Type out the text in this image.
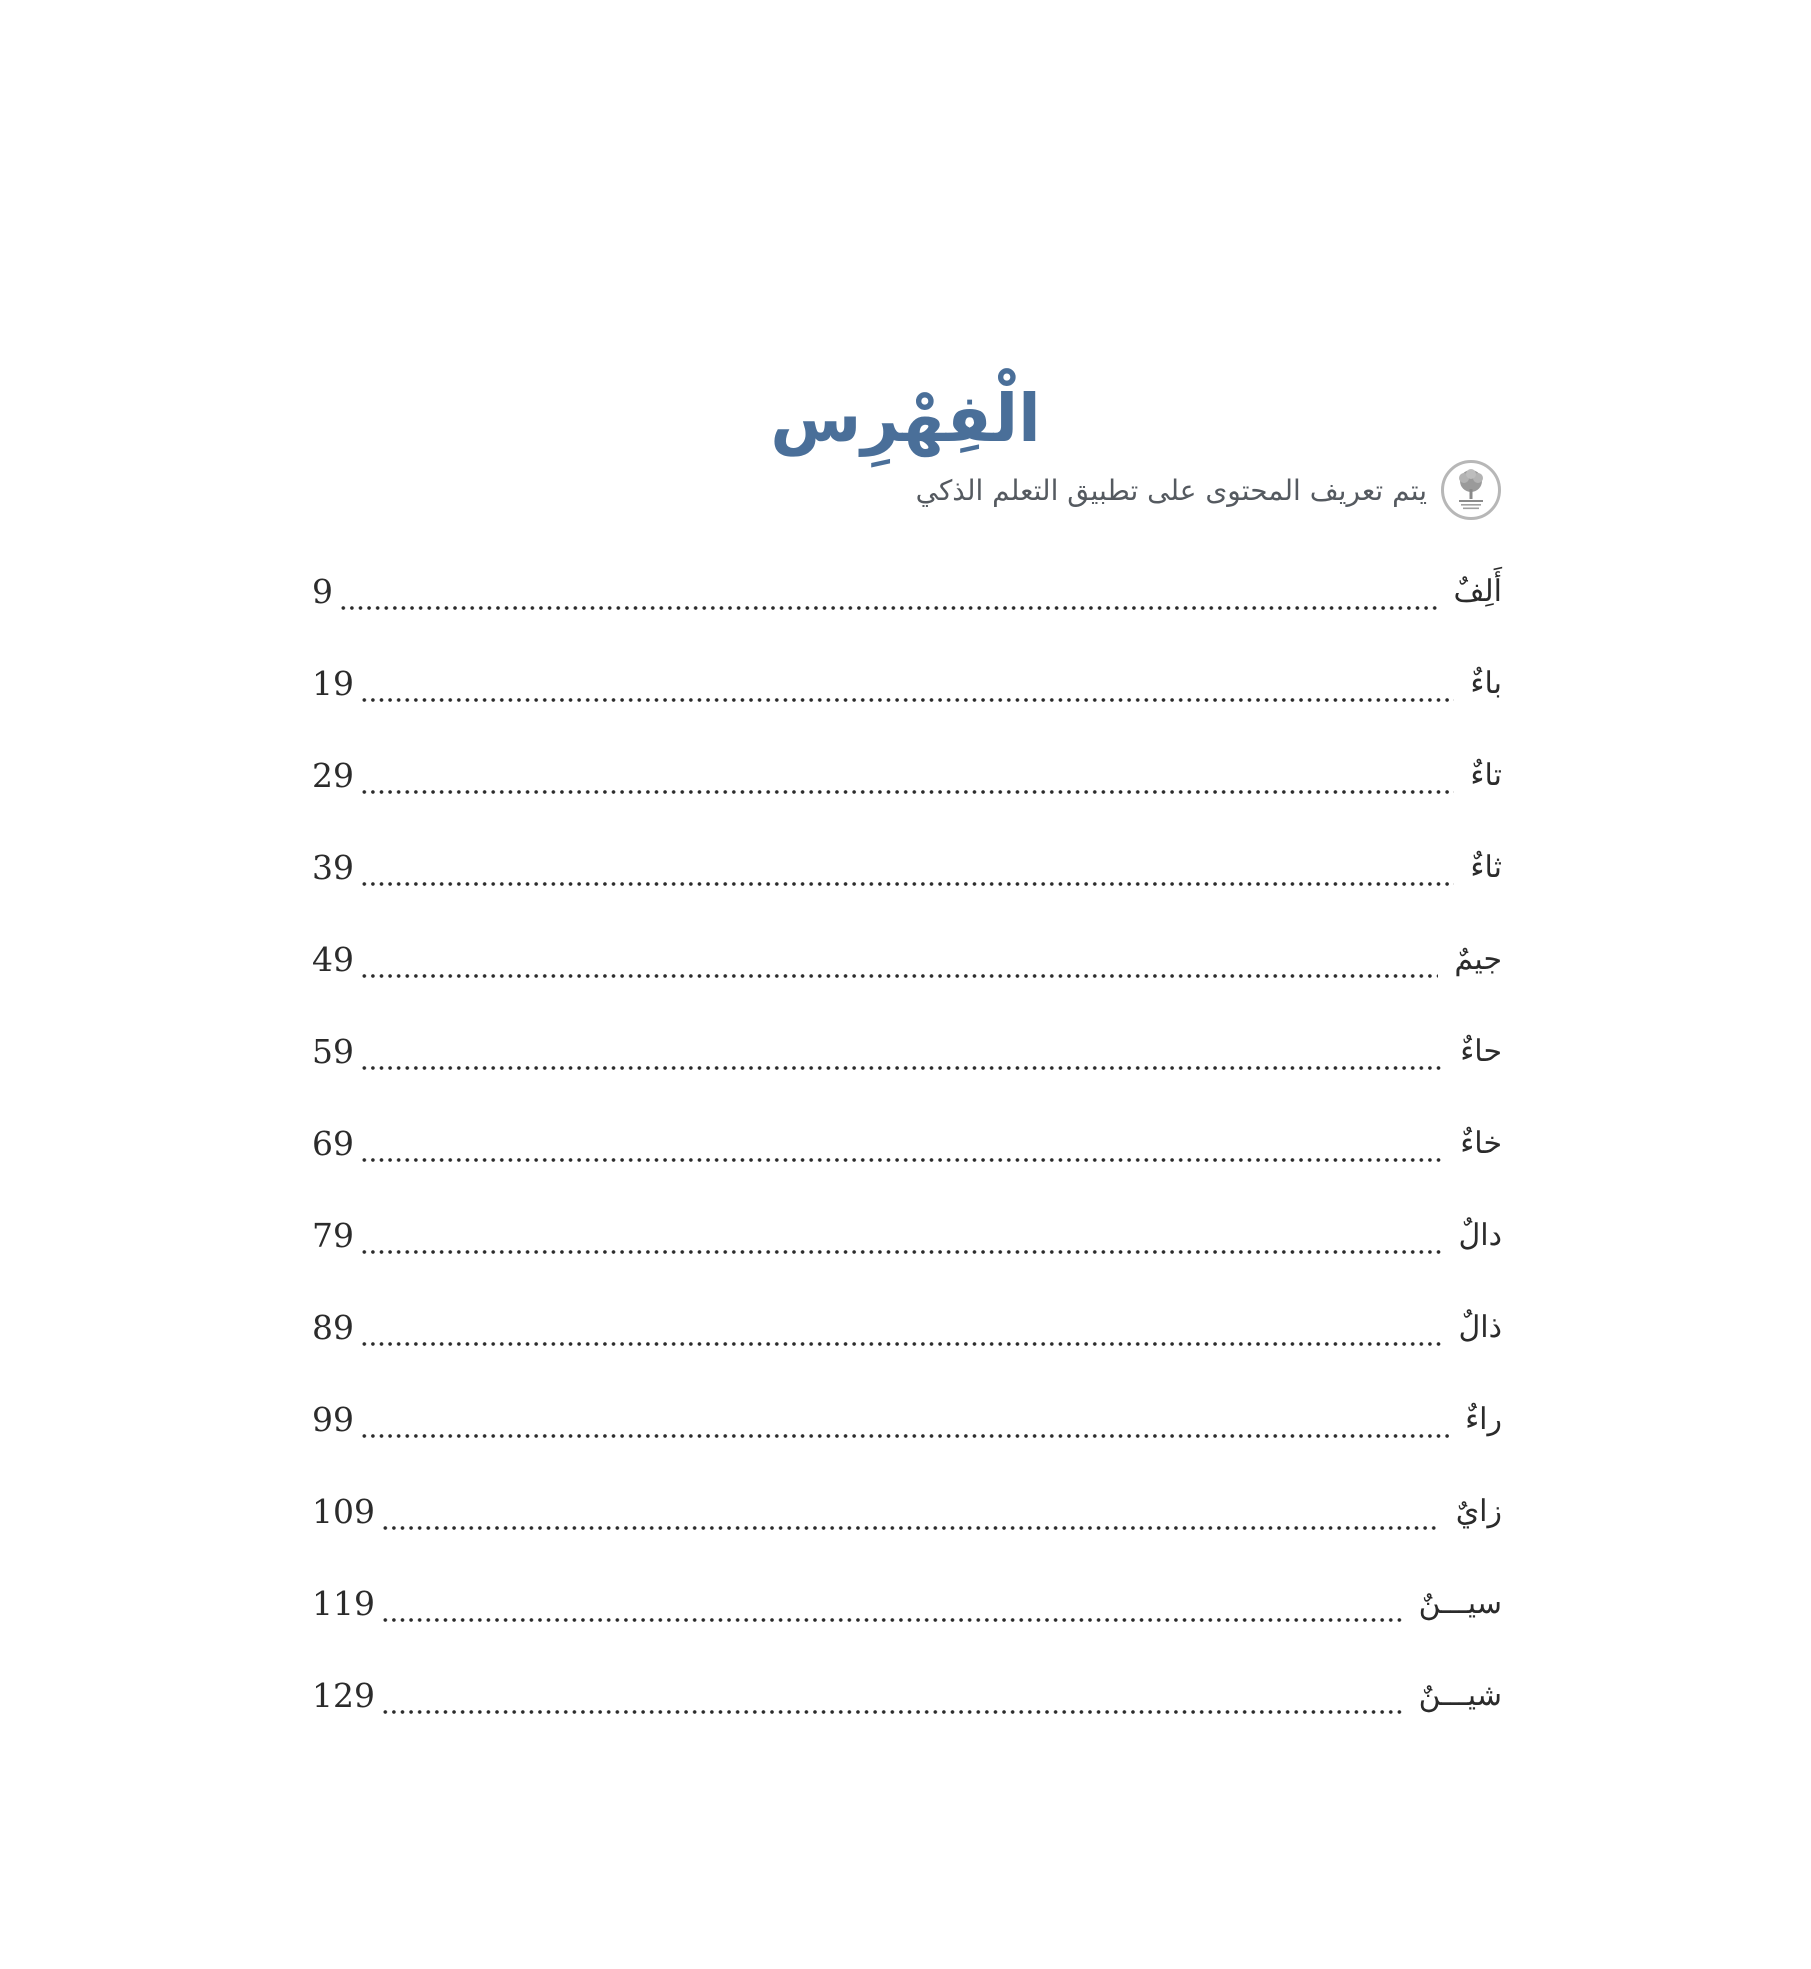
الْفِهْرِس
يتم تعريف المحتوى على تطبيق التعلم الذكي
أَلِفٌ
9
باءٌ
19
تاءٌ
29
ثاءٌ
39
جيمٌ
49
حاءٌ
59
خاءٌ
69
دالٌ
79
ذالٌ
89
راءٌ
99
زايٌ
109
سيـــنٌ
119
شيـــنٌ
129
